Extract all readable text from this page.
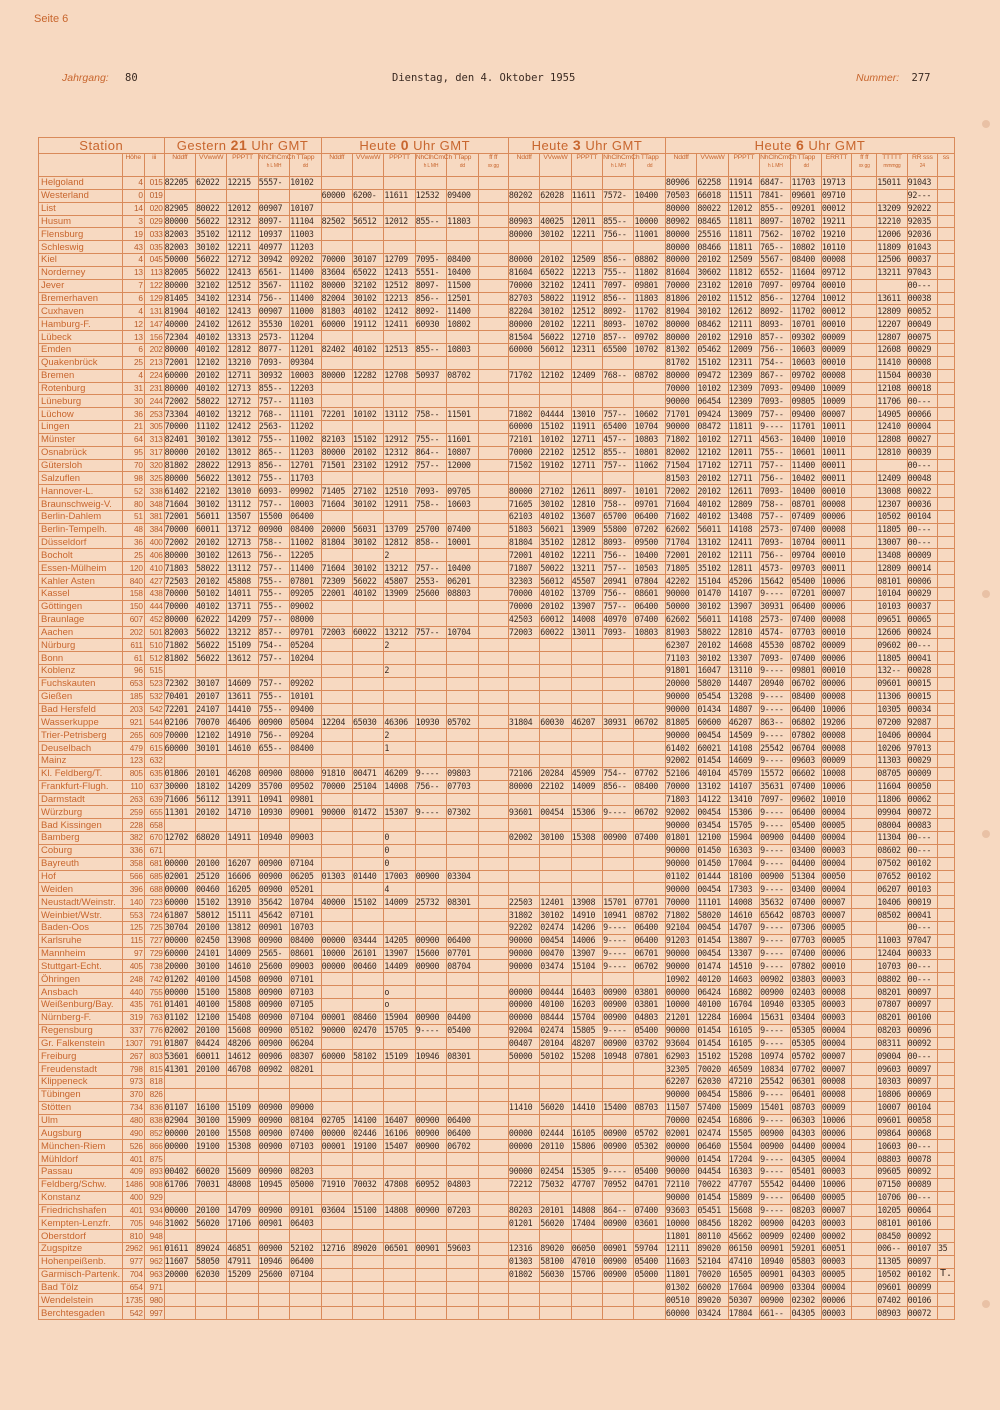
Seite 6
Jahrgang: 80	Dienstag, den 4. Oktober 1955	Nummer: 277
Station			Gestern 21 Uhr GMT					Heute 0 Uhr GMT						Heute 3 Uhr GMT					Heute 6 Uhr GMT									
	Höhe	iii	Nddff	VVwwW	PPPTT	NhClhCmCh
h L MH	TTapp
dd	Nddff	VVwwW	PPPTT	NhClhCmCh
h L MH	TTapp
dd	ff ff
xx gg	Nddff	VVwwW	PPPTT	NhClhCmCh
h L MH	TTapp
dd	Nddff	VVwwW	PPPTT	NhClhCmCh
h L MH	TTapp
dd	ERRTT	ff ff
xx gg	TTTTT
mmmgg	RR sss
24	ss
Helgoland	4	015	82205	62022	12215	5557-	10102												80906	62258	11914	6847-	11703	19713		15011	91043	
Westerland	0	019						60000	6200-	11611	12532	09400		80202	62028	11611	7572-	10400	70503	66018	11511	7841-	09601	09710			92---	
List	14	020	82905	80022	12012	00907	10107												80000	80022	12012	855--	09201	00012		13209	92022	
Husum	3	029	80000	56022	12312	8097-	11104	82502	56512	12012	855--	11803		80903	40025	12011	855--	10000	80902	08465	11811	8097-	10702	19211		12210	92035	
Flensburg	19	033	82003	35102	12112	10937	11003							80000	30102	12211	756--	11001	80000	25516	11811	7562-	10702	19210		12006	92036	
Schleswig	43	035	82003	30102	12211	40977	11203												80000	08466	11811	765--	10802	10110		11809	01043	
Kiel	4	045	50000	56022	12712	30942	09202	70000	30107	12709	7095-	08400		80000	20102	12509	856--	08802	80000	20102	12509	5567-	08400	00008		12506	00037	
Norderney	13	113	82005	56022	12413	6561-	11400	83604	65022	12413	5551-	10400		81604	65022	12213	755--	11802	81604	30602	11812	6552-	11604	09712		13211	97043	
Jever	7	122	80000	32102	12512	3567-	11102	80000	32102	12512	8097-	11500		70000	32102	12411	7097-	09801	70000	23102	12010	7097-	09704	00010			00---	
Bremerhaven	6	129	81405	34102	12314	756--	11400	82004	30102	12213	856--	12501		82703	58022	11912	856--	11803	81806	20102	11512	856--	12704	10012		13611	00038	
Cuxhaven	4	131	81904	40102	12413	00907	11000	81803	40102	12412	8092-	11400		82204	30102	12512	8092-	11702	81904	30102	12612	8092-	11702	00012		12809	00052	
Hamburg-F.	12	147	40000	24102	12612	35530	10201	60000	19112	12411	60930	10802		80000	20102	12211	8093-	10702	80000	08462	12111	8093-	10701	00010		12207	00049	
Lübeck	13	156	72304	40102	13313	2573-	11204							81504	56022	12710	857--	09702	80000	20102	12910	857--	09302	00009		12807	00075	
Emden	6	202	80000	40102	12812	8077-	11201	82402	40102	12513	855--	10803		60000	56012	12311	65500	10702	81302	05462	12009	756--	10603	00009		12608	00029	
Quakenbrück	25	213	72001	12102	13210	7093-	09304												81702	15102	12311	754--	10603	00010		11410	00008	
Bremen	4	224	60000	20102	12711	30932	10003	80000	12282	12708	50937	08702		71702	12102	12409	768--	08702	80000	09472	12309	867--	09702	00008		11504	00030	
Rotenburg	31	231	80000	40102	12713	855--	12203												70000	10102	12309	7093-	09400	10009		12108	00018	
Lüneburg	30	244	72002	58022	12712	757--	11103												90000	06454	12309	7093-	09805	10009		11706	00---	
Lüchow	36	253	73304	40102	13212	768--	11101	72201	10102	13112	758--	11501		71802	04444	13010	757--	10602	71701	09424	13009	757--	09400	00007		14905	00066	
Lingen	21	305	70000	11102	12412	2563-	11202							60000	15102	11911	65400	10704	90000	08472	11811	9----	11701	10011		12410	00004	
Münster	64	313	82401	30102	13012	755--	11002	82103	15102	12912	755--	11601		72101	10102	12711	457--	10803	71802	10102	12711	4563-	10400	10010		12808	00027	
Osnabrück	95	317	80000	20102	13012	865--	11203	80000	20102	12312	864--	10807		70000	22102	12512	855--	10801	82002	12102	12011	755--	10601	10011		12810	00039	
Gütersloh	70	320	81802	28022	12913	856--	12701	71501	23102	12912	757--	12000		71502	19102	12711	757--	11062	71504	17102	12711	757--	11400	00011			00---	
Salzuflen	98	325	80000	56022	13012	755--	11703												81503	20102	12711	756--	10402	00011		12409	00048	
Hannover-L.	52	338	61402	22102	13010	6093-	09902	71405	27102	12510	7093-	09705		80000	27102	12611	8097-	10101	72002	20102	12611	7093-	10400	00010		13008	00022	
Braunschweig-V.	80	348	71604	30102	13112	757--	10003	71604	30102	12911	758--	10603		71605	30102	12810	758--	09701	71604	40102	12809	758--	08701	00008		12307	00036	
Berlin-Dahlem	51	381	72001	56011	13507	15500	06400							62103	40102	13607	65700	06400	71602	40102	13408	757--	07409	00006		10502	00104	
Berlin-Tempelh.	48	384	70000	60011	13712	00900	08400	20000	56031	13709	25700	07400		51803	56021	13909	55800	07202	62602	56011	14108	2573-	07400	00008		11805	00---	
Düsseldorf	36	400	72002	20102	12713	758--	11002	81804	30102	12812	858--	10001		81804	35102	12812	8093-	09500	71704	13102	12411	7093-	10704	00011		13007	00---	
Bocholt	25	406	80000	30102	12613	756--	12205			2				72001	40102	12211	756--	10400	72001	20102	12111	756--	09704	00010		13408	00009	
Essen-Mülheim	120	410	71803	58022	13112	757--	11400	71604	30102	13212	757--	10400		71807	50022	13211	757--	10503	71805	35102	12811	4573-	09703	00011		12809	00014	
Kahler Asten	840	427	72503	20102	45808	755--	07801	72309	56022	45807	2553-	06201		32303	56012	45507	20941	07804	42202	15104	45206	15642	05400	10006		08101	00006	
Kassel	158	438	70000	50102	14011	755--	09205	22001	40102	13909	25600	08803		70000	40102	13709	756--	08601	90000	01470	14107	9----	07201	00007		10104	00029	
Göttingen	150	444	70000	40102	13711	755--	09002							70000	20102	13907	757--	06400	50000	30102	13907	30931	06400	00006		10103	00037	
Braunlage	607	452	80000	62022	14209	757--	08000							42503	60012	14008	40970	07400	62602	56011	14108	2573-	07400	00008		09651	00065	
Aachen	202	501	82003	56022	13212	857--	09701	72003	60022	13212	757--	10704		72003	60022	13011	7093-	10803	81903	58022	12810	4574-	07703	00010		12606	00024	
Nürburg	611	510	71802	56022	15109	754--	05204			2									62307	20102	14608	45530	08702	00009		09602	00---	
Bonn	61	512	81802	56022	13612	757--	10204												71103	30102	13307	7093-	07400	00006		11805	00041	
Koblenz	96	515								2									91801	16047	13110	9----	09801	00010		132--	00028	
Fuchskauten	653	523	72302	30107	14609	757--	09202												20000	58020	14407	20940	06702	00006		09601	00015	
Gießen	185	532	70401	20107	13611	755--	10101												90000	05454	13208	9----	08400	00008		11306	00015	
Bad Hersfeld	203	542	72201	24107	14410	755--	09400												90000	01434	14807	9----	06400	10006		10305	00034	
Wasserkuppe	921	544	02106	70070	46406	00900	05004	12204	65030	46306	10930	05702		31804	60030	46207	30931	06702	81805	60600	46207	863--	06802	19206		07200	92087	
Trier-Petrisberg	265	609	70000	12102	14910	756--	09204			2									90000	00454	14509	9----	07802	00008		10406	00004	
Deuselbach	479	615	60000	30101	14610	655--	08400			1									61402	60021	14108	25542	06704	00008		10206	97013	
Mainz	123	632																	92002	01454	14609	9----	09603	00009		11303	00029	
Kl. Feldberg/T.	805	635	01806	20101	46208	00900	08000	91810	00471	46209	9----	09803		72106	20284	45909	754--	07702	52106	40104	45709	15572	06602	10008		08705	00009	
Frankfurt-Flugh.	110	637	30000	18102	14209	35700	09502	70000	25104	14008	756--	07703		80000	22102	14009	856--	08400	70000	13102	14107	35631	07400	10006		11604	00050	
Darmstadt	263	639	71606	56112	13911	10941	09801												71803	14122	13410	7097-	09602	10010		11806	00062	
Würzburg	259	655	11301	20102	14710	10930	09001	90000	01472	15307	9----	07302		93601	00454	15306	9----	06702	92002	00454	15306	9----	06400	00004		09904	00072	
Bad Kissingen	228	658																	90000	03454	15705	9----	05400	00005		08004	00083	
Bamberg	382	670	12702	68020	14911	10940	09003			0				02002	30100	15308	00900	07400	01801	12100	15904	00900	04400	00004		11304	00---	
Coburg	336	671								0									90000	01450	16303	9----	03400	00003		08602	00---	
Bayreuth	358	681	00000	20100	16207	00900	07104			0									90000	01450	17004	9----	04400	00004		07502	00102	
Hof	566	685	02001	25120	16606	00900	06205	01303	01440	17003	00900	03304							01102	01444	18100	00900	51304	00050		07652	00102	
Weiden	396	688	00000	00460	16205	00900	05201			4									90000	00454	17303	9----	03400	00004		06207	00103	
Neustadt/Weinstr.	140	723	60000	15102	13910	35642	10704	40000	15102	14009	25732	08301		22503	12401	13908	15701	07701	70000	11101	14008	35632	07400	00007		10406	00019	
Weinbiet/Wstr.	553	724	61807	58012	15111	45642	07101							31802	30102	14910	10941	08702	71802	58020	14610	65642	08703	00007		08502	00041	
Baden-Oos	125	725	30704	20100	13812	00901	10703							92202	02474	14206	9----	06400	92104	00454	14707	9----	07306	00005			00---	
Karlsruhe	115	727	00000	02450	13908	00900	08400	00000	03444	14205	00900	06400		90000	00454	14006	9----	06400	91203	01454	13807	9----	07703	00005		11003	97047	
Mannheim	97	729	60000	24101	14009	2565-	08601	10000	26101	13907	15600	07701		90000	00470	13907	9----	06701	90000	00454	13307	9----	07400	00006		12404	00033	
Stuttgart-Echt.	405	738	20000	30100	14610	25600	09003	00000	00460	14409	00900	08704		90000	03474	15104	9----	06702	90000	01474	14510	9----	07802	00010		10703	00---	
Öhringen	248	742	01202	40100	14508	00900	07101												10902	40120	14603	00902	03803	00003		08802	00---	
Ansbach	440	755	00000	15100	15808	00900	07103			o				00000	00444	16403	00900	03801	00000	06424	16802	00900	02403	00008		08201	00097	
Weißenburg/Bay.	435	761	01401	40100	15808	00900	07105			o				00000	40100	16203	00900	03801	10000	40100	16704	10940	03305	00003		07807	00097	
Nürnberg-F.	319	763	01102	12100	15408	00900	07104	00001	08460	15904	00900	04400		00000	08444	15704	00900	04803	21201	12284	16004	15631	03404	00003		08201	00100	
Regensburg	337	776	02002	20100	15608	00900	05102	90000	02470	15705	9----	05400		92004	02474	15805	9----	05400	90000	01454	16105	9----	05305	00004		08203	00096	
Gr. Falkenstein	1307	791	01807	04424	48206	00900	06204							00407	20104	48207	00900	03702	93604	01454	16105	9----	05305	00004		08311	00092	
Freiburg	267	803	53601	60011	14612	00906	08307	60000	58102	15109	10946	08301		50000	50102	15208	10948	07801	62903	15102	15208	10974	05702	00007		09004	00---	
Freudenstadt	798	815	41301	20100	46708	00902	08201												32305	70020	46509	10834	07702	00007		09603	00097	
Klippeneck	973	818																	62207	62030	47210	25542	06301	00008		10303	00097	
Tübingen	370	826																	90000	00454	15806	9----	06401	00008		10806	00069	
Stötten	734	836	01107	16100	15109	00900	09000							11410	56020	14410	15400	08703	11507	57400	15009	15401	08703	00009		10007	00104	
Ulm	480	838	02904	30100	15909	00900	08104	02705	14100	16407	00900	06400							70000	02454	16806	9----	06303	10006		09601	00058	
Augsburg	490	852	00000	20100	15508	00900	07400	00000	02446	16106	00900	06400		00000	02444	16105	00900	05702	02001	02474	15505	00900	04303	00006		09864	00068	
München-Riem	526	866	00000	19100	15308	00900	07103	00001	19100	15407	00900	06702		00000	20110	15806	00900	05302	00000	06460	15504	00900	04400	00004		10603	00---	
Mühldorf	401	875																	90000	01454	17204	9----	04305	00004		08803	00078	
Passau	409	893	00402	60020	15609	00900	08203							90000	02454	15305	9----	05400	90000	04454	16303	9----	05401	00003		09605	00092	
Feldberg/Schw.	1486	908	61706	70031	48008	10945	05000	71910	70032	47808	60952	04803		72212	75032	47707	70952	04701	72110	70022	47707	55542	04400	10006		07150	00089	
Konstanz	400	929																	90000	01454	15809	9----	06400	00005		10706	00---	
Friedrichshafen	401	934	00000	20100	14709	00900	09101	03604	15100	14808	00900	07203		80203	20101	14808	864--	07400	93603	05451	15608	9----	08203	00007		10205	00064	
Kempten-Lenzfr.	705	946	31002	56020	17106	00901	06403							01201	56020	17404	00900	03601	10000	08456	18202	00900	04203	00003		08101	00106	
Oberstdorf	810	948																	11801	80110	45662	00909	02400	00002		08450	00092	
Zugspitze	2962	961	01611	89024	46851	00900	52102	12716	89020	06501	00901	59603		12316	89020	06050	00901	59704	12111	89020	06150	00901	59201	60051		006--	00107	35
Hohenpeißenb.	977	962	11607	58050	47911	10946	06400							01303	58100	47010	00900	05400	11603	52104	47410	10940	05803	00003		11305	00097	
Garmisch-Partenk.	704	963	20000	62030	15209	25600	07104							01802	56030	15706	00900	05000	11801	70020	16505	00901	04303	00005		10502	00102	
Bad Tölz	654	971																	01302	60020	17604	00900	03304	00004		09601	00099	
Wendelstein	1735	980																	00510	89020	50307	00900	02302	00006		07402	00106	
Berchtesgaden	542	997																	60000	03424	17804	661--	04305	00003		08903	00072	
T.
